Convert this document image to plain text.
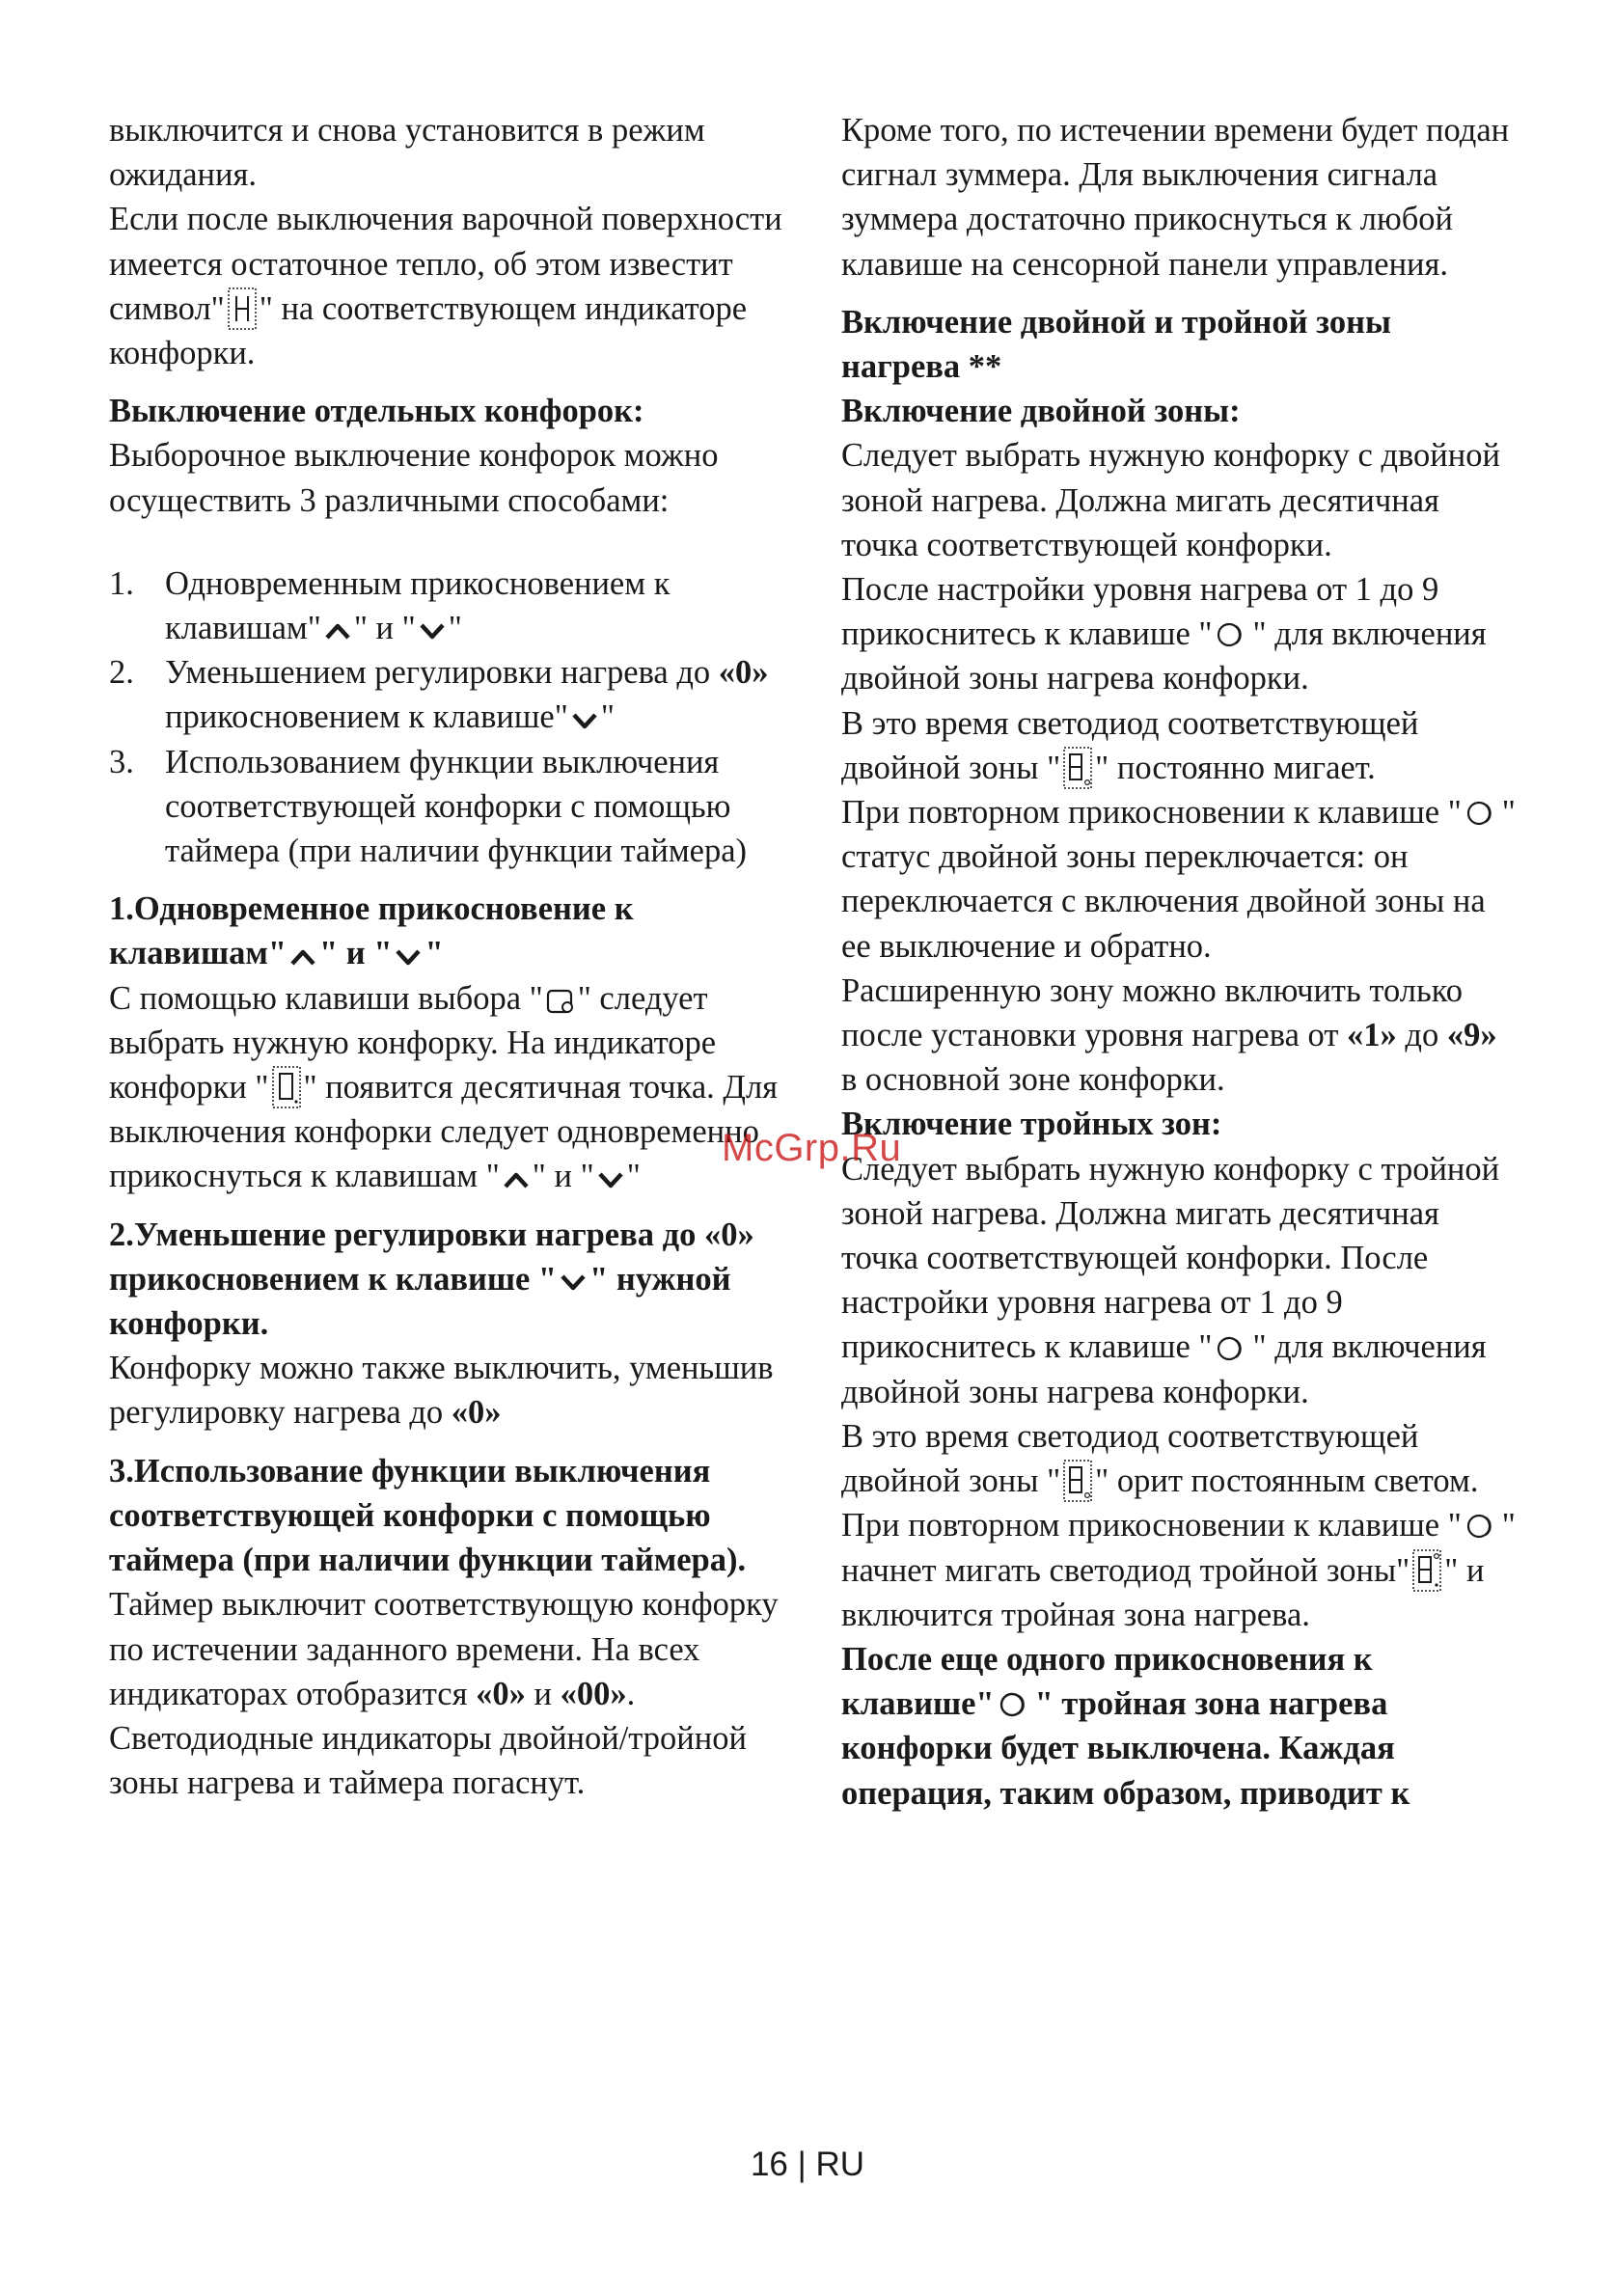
выключится и снова установится в режим ожидания.

Если после выключения варочной поверхности имеется остаточное тепло, об этом известит символ" " на соответствующем индикаторе конфорки.

Выключение отдельных конфорок:

Выборочное выключение конфорок можно осуществить 3 различными способами:

1. Одновременным прикосновением к клавишам" " и " "
2. Уменьшением регулировки нагрева до «0» прикосновением к клавише" "
3. Использованием функции выключения соответствующей конфорки с помощью таймера (при наличии функции таймера)

1.Одновременное прикосновение к клавишам" " и " "

С помощью клавиши выбора " " следует выбрать нужную конфорку. На индикаторе конфорки " " появится десятичная точка. Для выключения конфорки следует одновременно прикоснуться к клавишам " " и " "

2.Уменьшение регулировки нагрева до «0» прикосновением к клавише " " нужной конфорки.

Конфорку можно также выключить, уменьшив регулировку нагрева до «0»

3.Использование функции выключения соответствующей конфорки с помощью таймера (при наличии функции таймера).

Таймер выключит соответствующую конфорку по истечении заданного времени. На всех индикаторах отобразится «0» и «00». Светодиодные индикаторы двойной/тройной зоны нагрева и таймера погаснут.

Кроме того, по истечении времени будет подан сигнал зуммера. Для выключения сигнала зуммера достаточно прикоснуться к любой клавише на сенсорной панели управления.

Включение двойной и тройной зоны нагрева **

Включение двойной зоны:

Следует выбрать нужную конфорку с двойной зоной нагрева. Должна мигать десятичная точка соответствующей конфорки.

После настройки уровня нагрева от 1 до 9 прикоснитесь к клавише " " для включения двойной зоны нагрева конфорки.

В это время светодиод соответствующей двойной зоны " " постоянно мигает.

При повторном прикосновении к клавише " " статус двойной зоны переключается: он переключается с включения двойной зоны на ее выключение и обратно.

Расширенную зону можно включить только после установки уровня нагрева от «1» до «9» в основной зоне конфорки.

Включение тройных зон:

Следует выбрать нужную конфорку с тройной зоной нагрева. Должна мигать десятичная точка соответствующей конфорки. После настройки уровня нагрева от 1 до 9 прикоснитесь к клавише " " для включения двойной зоны нагрева конфорки.

В это время светодиод соответствующей двойной зоны " " орит постоянным светом. При повторном прикосновении к клавише " " начнет мигать светодиод тройной зоны" " и включится тройная зона нагрева.

После еще одного прикосновения к клавише" " тройная зона нагрева конфорки будет выключена. Каждая операция, таким образом, приводит к

McGrp.Ru
16 | RU
